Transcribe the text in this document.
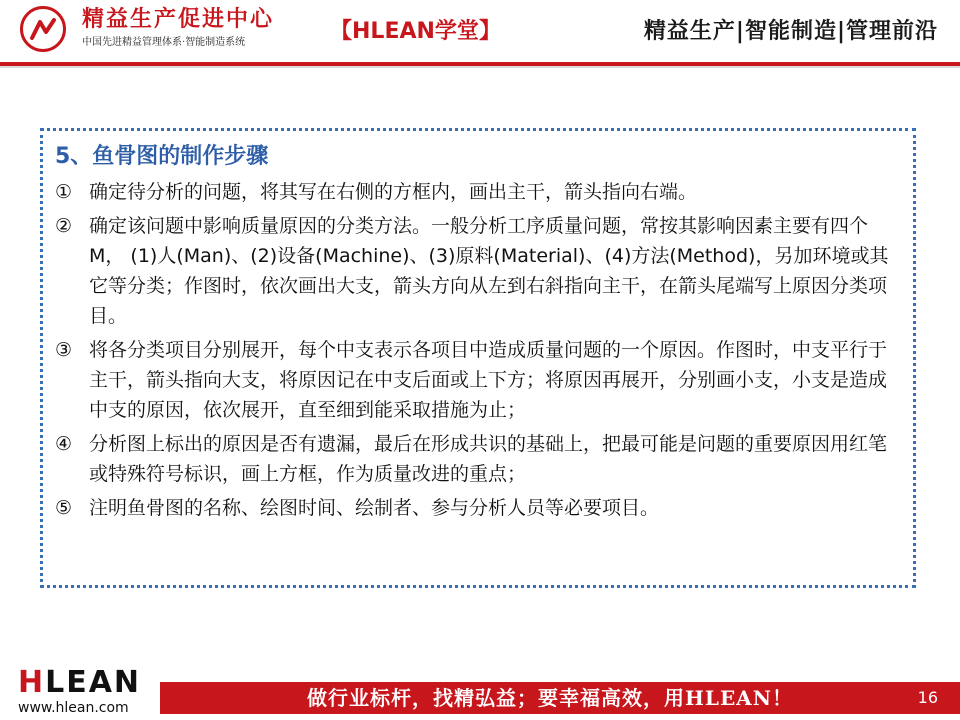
精益生产促进中心
中国先进精益管理体系·智能制造系统	【HLEAN学堂】	精益生产|智能制造|管理前沿
5、鱼骨图的制作步骤
① 确定待分析的问题，将其写在右侧的方框内，画出主干，箭头指向右端。
② 确定该问题中影响质量原因的分类方法。一般分析工序质量问题，常按其影响因素主要有四个M， (1)人(Man)、(2)设备(Machine)、(3)原料(Material)、(4)方法(Method)，另加环境或其它等分类；作图时，依次画出大支，箭头方向从左到右斜指向主干，在箭头尾端写上原因分类项目。
③ 将各分类项目分别展开，每个中支表示各项目中造成质量问题的一个原因。作图时，中支平行于主干，箭头指向大支，将原因记在中支后面或上下方；将原因再展开，分别画小支，小支是造成中支的原因，依次展开，直至细到能采取措施为止；
④ 分析图上标出的原因是否有遗漏，最后在形成共识的基础上，把最可能是问题的重要原因用红笔或特殊符号标识，画上方框，作为质量改进的重点；
⑤ 注明鱼骨图的名称、绘图时间、绘制者、参与分析人员等必要项目。
HLEAN
www.hlean.com	做行业标杆，找精弘益；要幸福高效，用HLEAN！	16
